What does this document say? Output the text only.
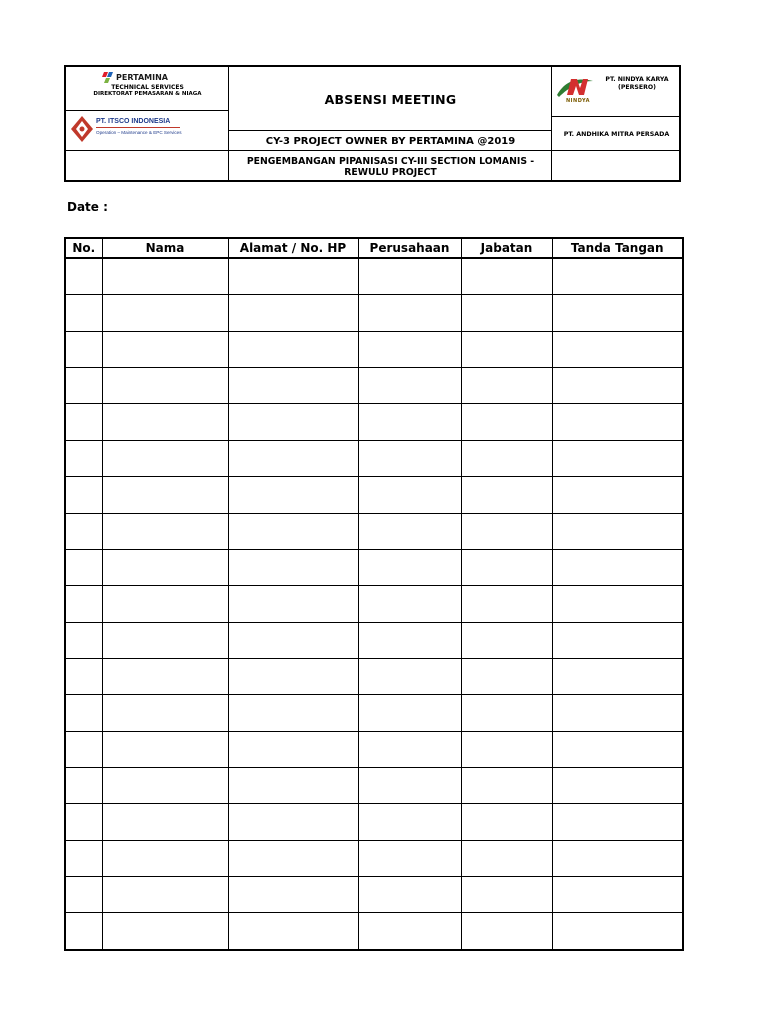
PERTAMINA
TECHNICAL SERVICES
DIREKTORAT PEMASARAN & NIAGA
PT. ITSCO INDONESIA
Operation – Maintenance & EPC Services
ABSENSI MEETING
CY-3 PROJECT OWNER BY PERTAMINA @2019
PENGEMBANGAN PIPANISASI CY-III SECTION LOMANIS - REWULU PROJECT
NINDYA
PT. NINDYA KARYA (PERSERO)
PT. ANDHIKA MITRA PERSADA
Date :
No.	Nama	Alamat / No. HP	Perusahaan	Jabatan	Tanda Tangan
